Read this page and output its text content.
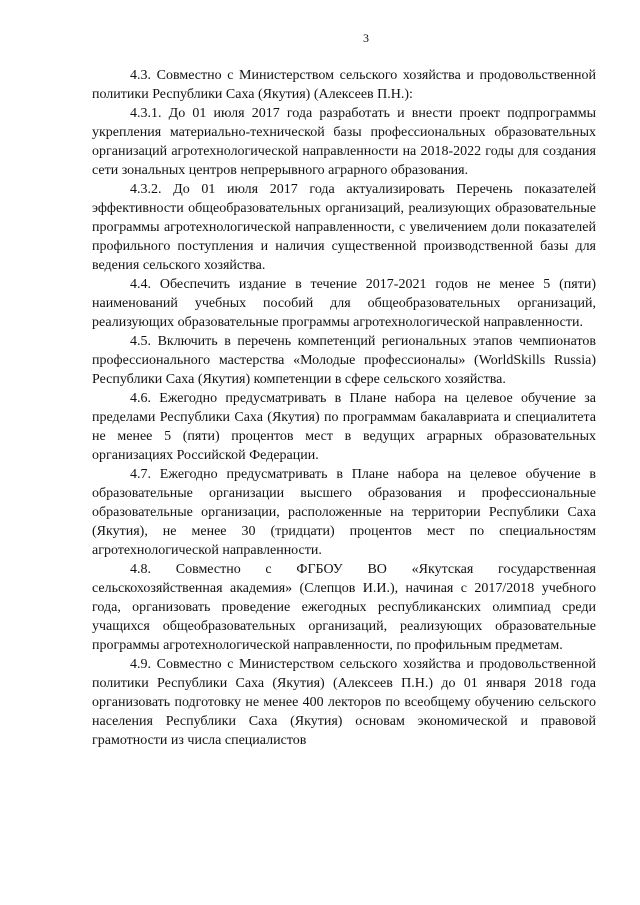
3

4.3. Совместно с Министерством сельского хозяйства и продовольственной политики Республики Саха (Якутия) (Алексеев П.Н.):

4.3.1. До 01 июля 2017 года разработать и внести проект подпрограммы укрепления материально-технической базы профессиональных образовательных организаций агротехнологической направленности на 2018-2022 годы для создания сети зональных центров непрерывного аграрного образования.

4.3.2. До 01 июля 2017 года актуализировать Перечень показателей эффективности общеобразовательных организаций, реализующих образовательные программы агротехнологической направленности, с увеличением доли показателей профильного поступления и наличия существенной производственной базы для ведения сельского хозяйства.

4.4. Обеспечить издание в течение 2017-2021 годов не менее 5 (пяти) наименований учебных пособий для общеобразовательных организаций, реализующих образовательные программы агротехнологической направленности.

4.5. Включить в перечень компетенций региональных этапов чемпионатов профессионального мастерства «Молодые профессионалы» (WorldSkills Russia) Республики Саха (Якутия) компетенции в сфере сельского хозяйства.

4.6. Ежегодно предусматривать в Плане набора на целевое обучение за пределами Республики Саха (Якутия) по программам бакалавриата и специалитета не менее 5 (пяти) процентов мест в ведущих аграрных образовательных организациях Российской Федерации.

4.7. Ежегодно предусматривать в Плане набора на целевое обучение в образовательные организации высшего образования и профессиональные образовательные организации, расположенные на территории Республики Саха (Якутия), не менее 30 (тридцати) процентов мест по специальностям агротехнологической направленности.

4.8. Совместно с ФГБОУ ВО «Якутская государственная сельскохозяйственная академия» (Слепцов И.И.), начиная с 2017/2018 учебного года, организовать проведение ежегодных республиканских олимпиад среди учащихся общеобразовательных организаций, реализующих образовательные программы агротехнологической направленности, по профильным предметам.

4.9. Совместно с Министерством сельского хозяйства и продовольственной политики Республики Саха (Якутия) (Алексеев П.Н.) до 01 января 2018 года организовать подготовку не менее 400 лекторов по всеобщему обучению сельского населения Республики Саха (Якутия) основам экономической и правовой грамотности из числа специалистов
